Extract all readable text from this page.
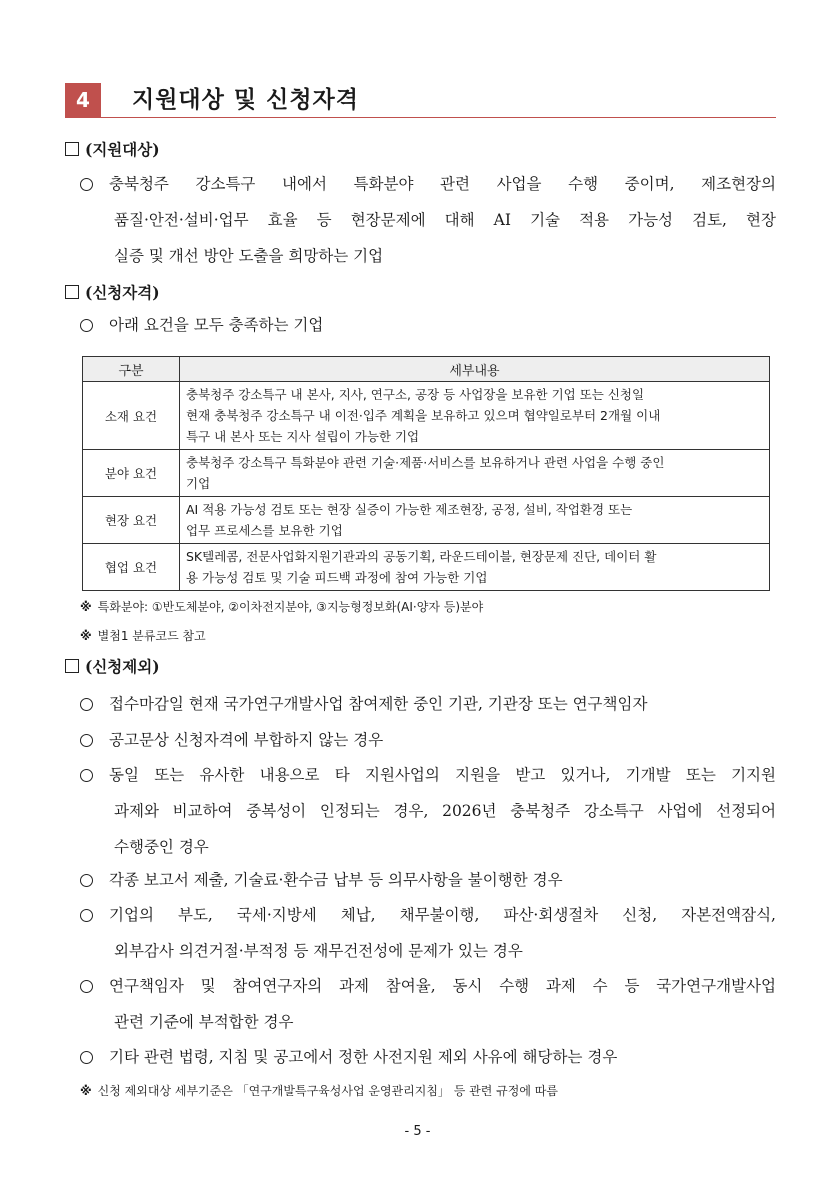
4	지원대상 및 신청자격
(지원대상)
충북청주 강소특구 내에서 특화분야 관련 사업을 수행 중이며, 제조현장의
품질·안전·설비·업무 효율 등 현장문제에 대해 AI 기술 적용 가능성 검토, 현장
실증 및 개선 방안 도출을 희망하는 기업
(신청자격)
아래 요건을 모두 충족하는 기업
구분	세부내용
소재 요건	충북청주 강소특구 내 본사, 지사, 연구소, 공장 등 사업장을 보유한 기업 또는 신청일
현재 충북청주 강소특구 내 이전·입주 계획을 보유하고 있으며 협약일로부터 2개월 이내
특구 내 본사 또는 지사 설립이 가능한 기업

분야 요건	충북청주 강소특구 특화분야 관련 기술·제품·서비스를 보유하거나 관련 사업을 수행 중인
기업

현장 요건	AI 적용 가능성 검토 또는 현장 실증이 가능한 제조현장, 공정, 설비, 작업환경 또는
업무 프로세스를 보유한 기업

협업 요건	SK텔레콤, 전문사업화지원기관과의 공동기획, 라운드테이블, 현장문제 진단, 데이터 활
용 가능성 검토 및 기술 피드백 과정에 참여 가능한 기업
※ 특화분야: ①반도체분야, ②이차전지분야, ③지능형정보화(AI·양자 등)분야
※ 별첨1 분류코드 참고
(신청제외)
접수마감일 현재 국가연구개발사업 참여제한 중인 기관, 기관장 또는 연구책임자
공고문상 신청자격에 부합하지 않는 경우
동일 또는 유사한 내용으로 타 지원사업의 지원을 받고 있거나, 기개발 또는 기지원
과제와 비교하여 중복성이 인정되는 경우, 2026년 충북청주 강소특구 사업에 선정되어
수행중인 경우
각종 보고서 제출, 기술료·환수금 납부 등 의무사항을 불이행한 경우
기업의 부도, 국세·지방세 체납, 채무불이행, 파산·회생절차 신청, 자본전액잠식,
외부감사 의견거절·부적정 등 재무건전성에 문제가 있는 경우
연구책임자 및 참여연구자의 과제 참여율, 동시 수행 과제 수 등 국가연구개발사업
관련 기준에 부적합한 경우
기타 관련 법령, 지침 및 공고에서 정한 사전지원 제외 사유에 해당하는 경우
※ 신청 제외대상 세부기준은 「연구개발특구육성사업 운영관리지침」 등 관련 규정에 따름
- 5 -
